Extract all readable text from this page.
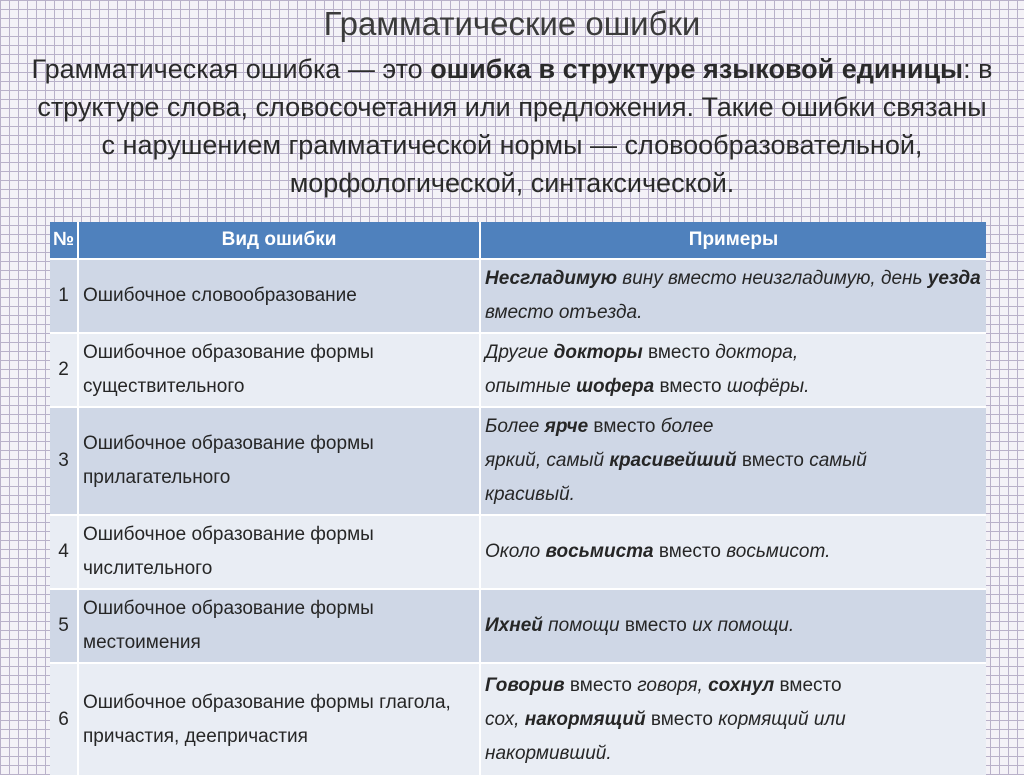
Грамматические ошибки

Грамматическая ошибка — это ошибка в структуре языковой единицы: в структуре слова, словосочетания или предложения. Такие ошибки связаны с нарушением грамматической нормы — словообразовательной, морфологической, синтаксической.

№	Вид ошибки	Примеры
1	Ошибочное словообразование	Несгладимую вину вместо неизгладимую, день уезда вместо отъезда.
2	Ошибочное образование формы существительного	Другие докторы вместо доктора,
опытные шофера вместо шофёры.
3	Ошибочное образование формы прилагательного	Более ярче вместо более
яркий, самый красивейший вместо самый
красивый.
4	Ошибочное образование формы числительного	Около восьмиста вместо восьмисот.
5	Ошибочное образование формы местоимения	Ихней помощи вместо их помощи.
6	Ошибочное образование формы глагола, причастия, деепричастия	Говорив вместо говоря, сохнул вместо
сох, накормящий вместо кормящий или
накормивший.
